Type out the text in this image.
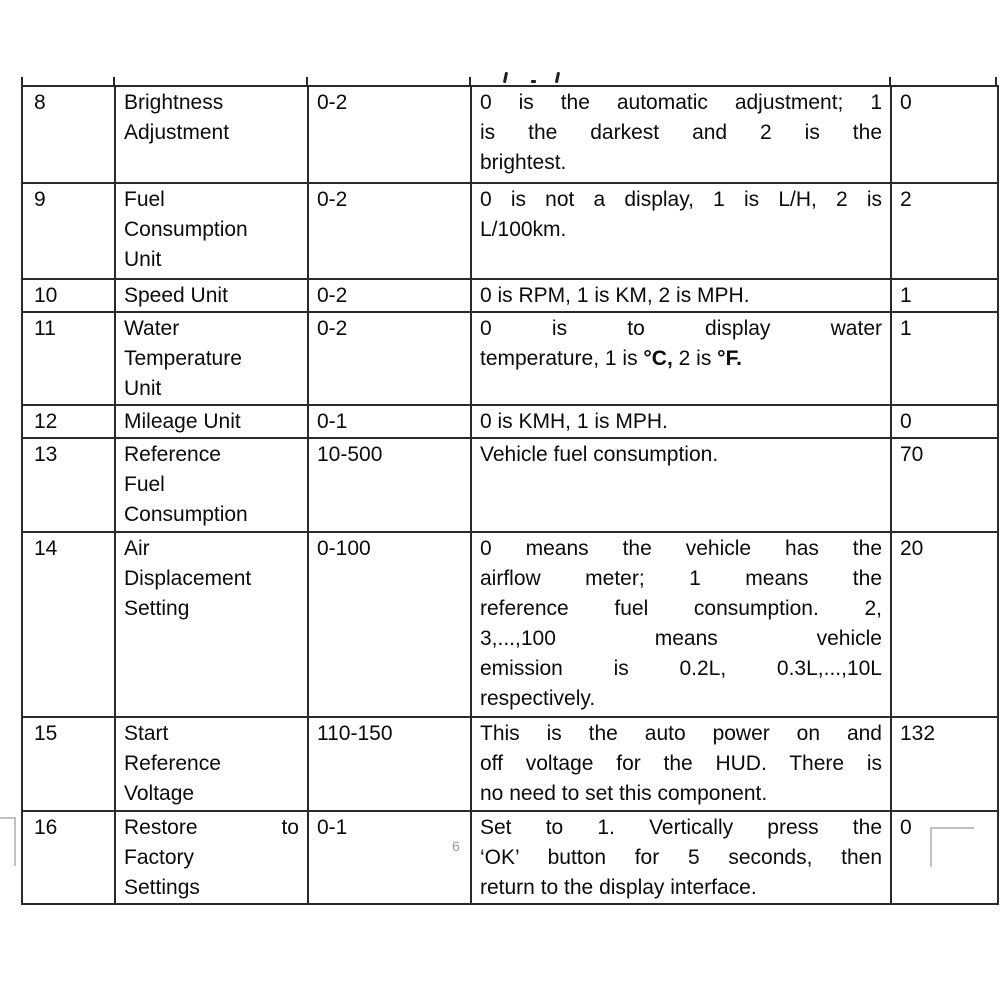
8	Brightness
Adjustment
	0-2	0 is the automatic adjustment; 1
is the darkest and 2 is the
brightest.
	0
9	Fuel
Consumption
Unit
	0-2	0 is not a display, 1 is L/H, 2 is
L/100km.
	2
10	Speed Unit	0-2	0 is RPM, 1 is KM, 2 is MPH.	1
11	Water
Temperature
Unit
	0-2	0 is to display water
temperature, 1 is °C, 2 is °F.
	1
12	Mileage Unit	0-1	0 is KMH, 1 is MPH.	0
13	Reference
Fuel
Consumption	10-500	Vehicle fuel consumption.	70
14	Air
Displacement
Setting
	0-100	0 means the vehicle has the
airflow meter; 1 means the
reference fuel consumption. 2,
3,...,100 means vehicle
emission is 0.2L, 0.3L,...,10L
respectively.
	20
15	Start
Reference
Voltage
	110-150	This is the auto power on and
off voltage for the HUD. There is
no need to set this component.
	132
16	Restore to
Factory
Settings
	0-1	Set to 1. Vertically press the
‘OK’ button for 5 seconds, then
return to the display interface.
	0
6
